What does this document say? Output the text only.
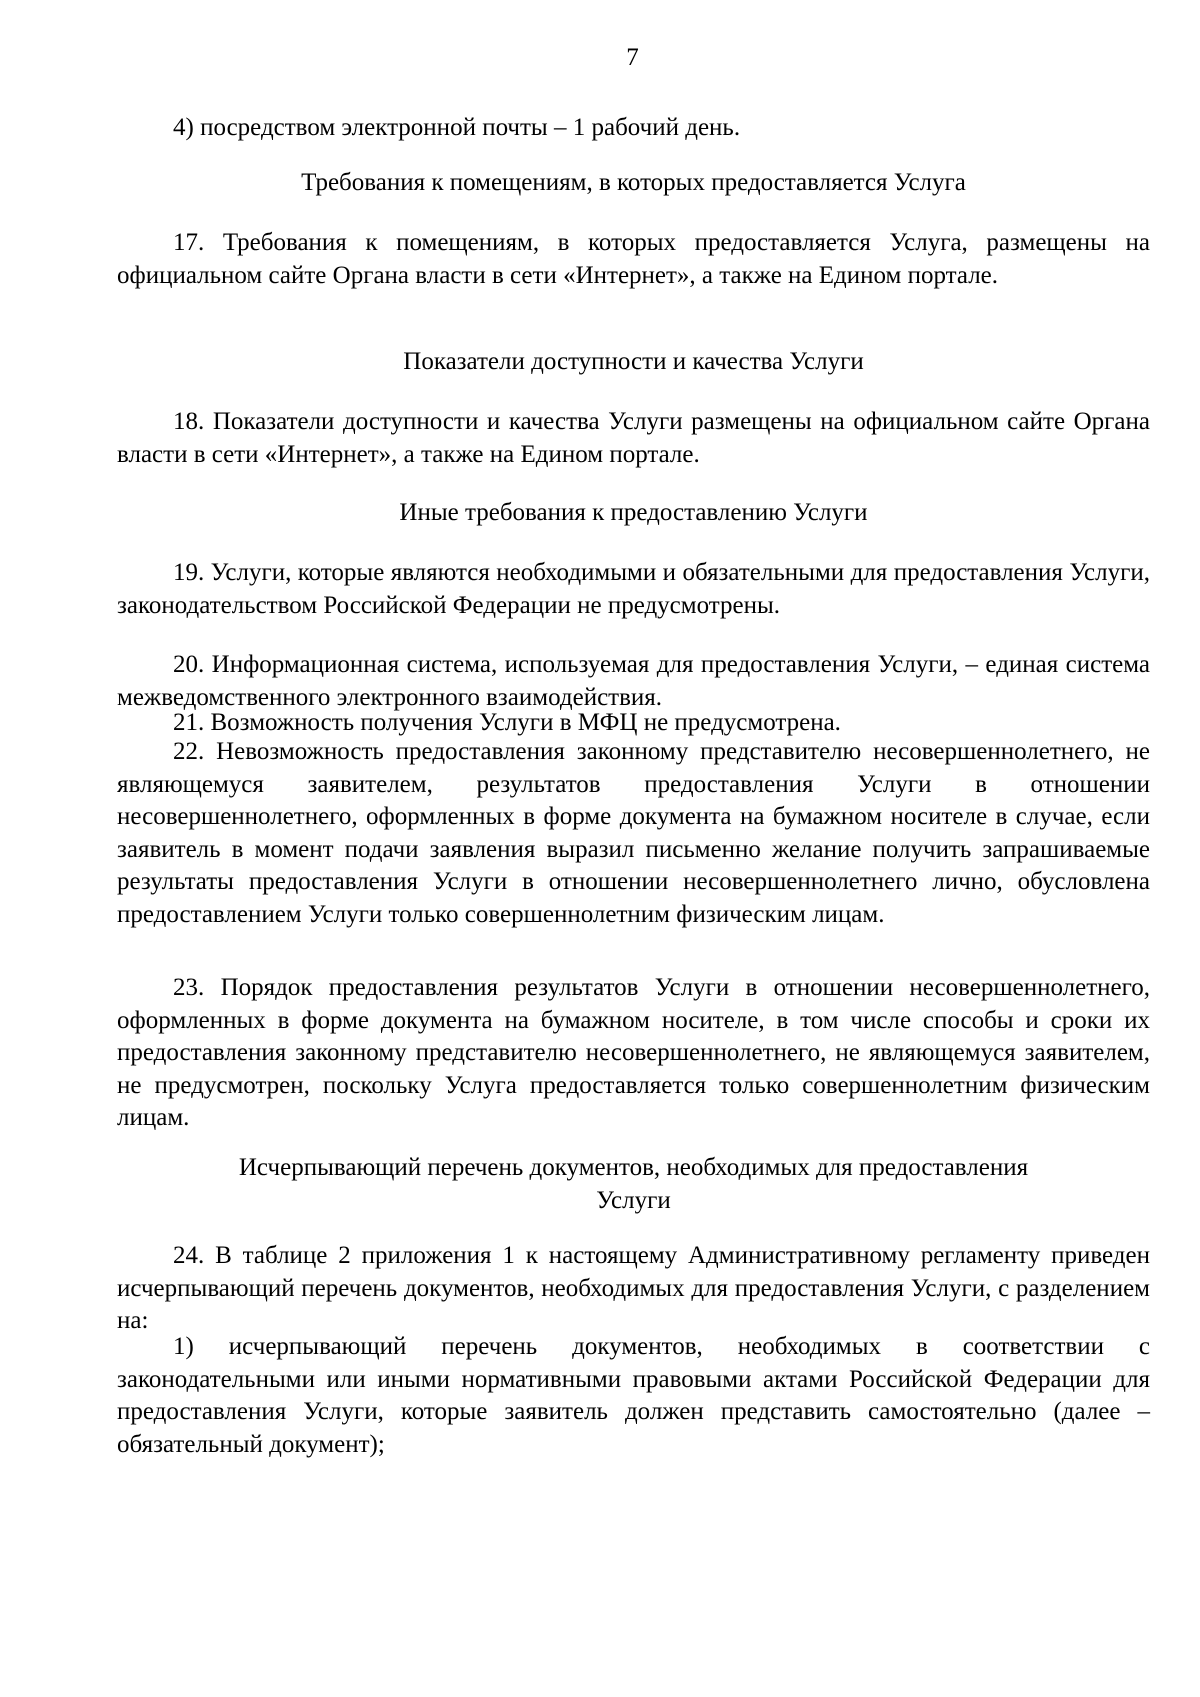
7
4) посредством электронной почты – 1 рабочий день.
Требования к помещениям, в которых предоставляется Услуга
17. Требования к помещениям, в которых предоставляется Услуга, размещены на официальном сайте Органа власти в сети «Интернет», а также на Едином портале.
Показатели доступности и качества Услуги
18. Показатели доступности и качества Услуги размещены на официальном сайте Органа власти в сети «Интернет», а также на Едином портале.
Иные требования к предоставлению Услуги
19. Услуги, которые являются необходимыми и обязательными для предоставления Услуги, законодательством Российской Федерации не предусмотрены.
20. Информационная система, используемая для предоставления Услуги, – единая система межведомственного электронного взаимодействия.
21. Возможность получения Услуги в МФЦ не предусмотрена.
22. Невозможность предоставления законному представителю несовершеннолетнего, не являющемуся заявителем, результатов предоставления Услуги в отношении несовершеннолетнего, оформленных в форме документа на бумажном носителе в случае, если заявитель в момент подачи заявления выразил письменно желание получить запрашиваемые результаты предоставления Услуги в отношении несовершеннолетнего лично, обусловлена предоставлением Услуги только совершеннолетним физическим лицам.
23. Порядок предоставления результатов Услуги в отношении несовершеннолетнего, оформленных в форме документа на бумажном носителе, в том числе способы и сроки их предоставления законному представителю несовершеннолетнего, не являющемуся заявителем, не предусмотрен, поскольку Услуга предоставляется только совершеннолетним физическим лицам.
Исчерпывающий перечень документов, необходимых для предоставления
Услуги
24. В таблице 2 приложения 1 к настоящему Административному регламенту приведен исчерпывающий перечень документов, необходимых для предоставления Услуги, с разделением на:
1) исчерпывающий перечень документов, необходимых в соответствии с законодательными или иными нормативными правовыми актами Российской Федерации для предоставления Услуги, которые заявитель должен представить самостоятельно (далее – обязательный документ);
